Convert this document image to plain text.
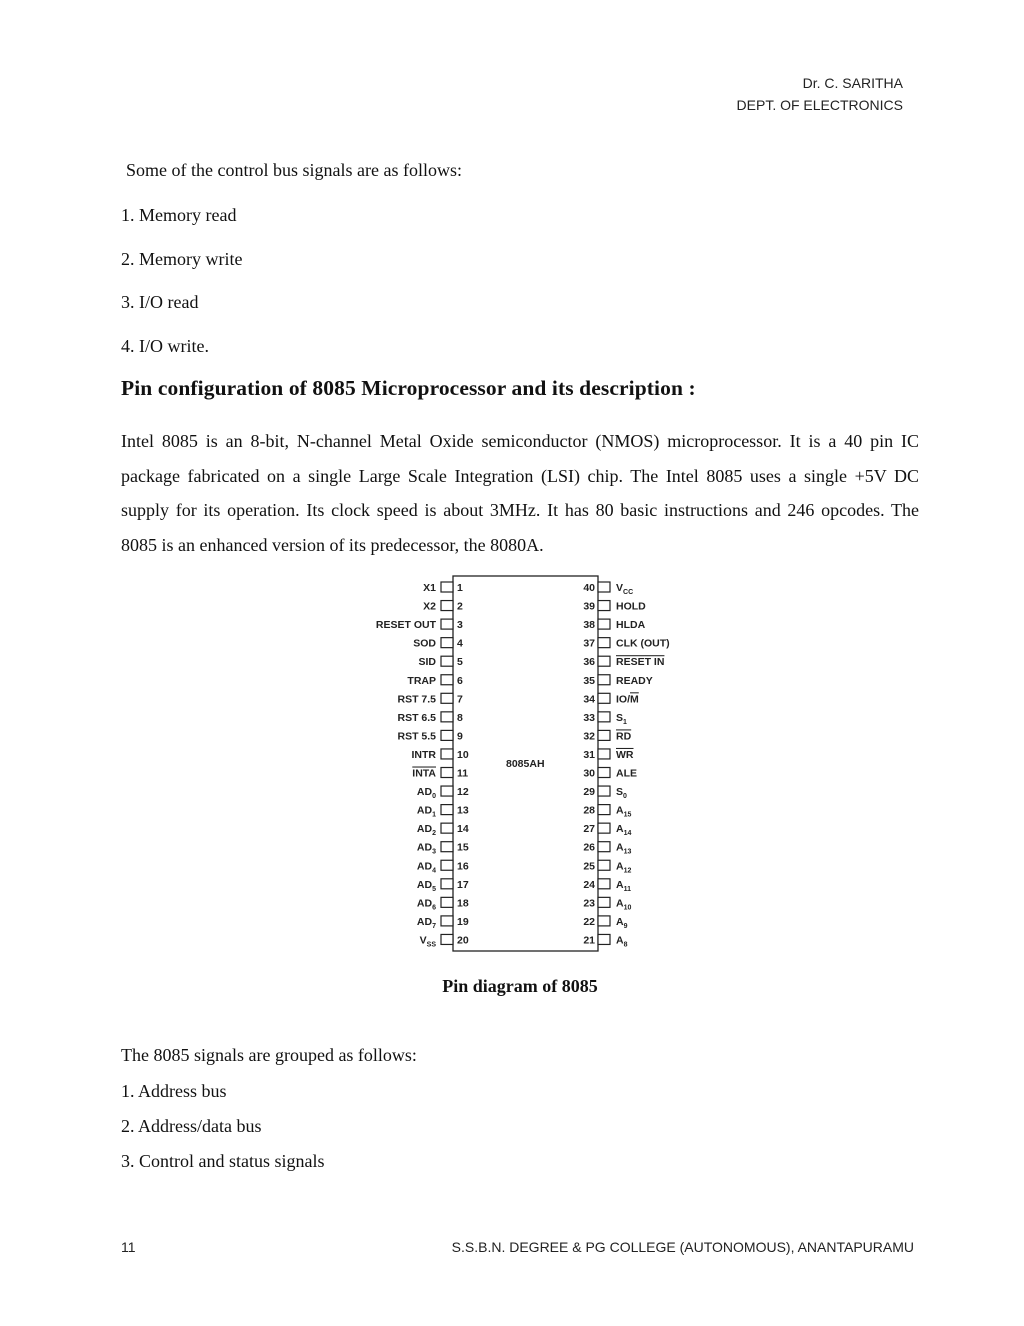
Dr. C. SARITHA
DEPT. OF ELECTRONICS
Some of the control bus signals are as follows:
1. Memory read
2. Memory write
3. I/O read
4. I/O write.
Pin configuration of 8085 Microprocessor and its description :
Intel 8085 is an 8-bit, N-channel Metal Oxide semiconductor (NMOS) microprocessor. It is a 40 pin IC package fabricated on a single Large Scale Integration (LSI) chip. The Intel 8085 uses a single +5V DC supply for its operation. Its clock speed is about 3MHz. It has 80 basic instructions and 246 opcodes. The 8085 is an enhanced version of its predecessor, the 8080A.
8085AH
1
X1
2
X2
3
RESET OUT
4
SOD
5
SID
6
TRAP
7
RST 7.5
8
RST 6.5
9
RST 5.5
10
INTR
11
INTA
12
$AD_0$
13
$AD_1$
14
$AD_2$
15
$AD_3$
16
$AD_4$
17
$AD_5$
18
$AD_6$
19
$AD_7$
20
$V_{SS}$
40 $V_{CC}$
39 HOLD
38 HLDA
37 CLK (OUT)
36 RESET IN
35 READY
34 IO/M
33 $S_1$
32 RD
31 WR
30 ALE
29 $S_0$
28 $A_{15}$
27 $A_{14}$
26 $A_{13}$
25 $A_{12}$
24 $A_{11}$
23 $A_{10}$
22 $A_9$
21 $A_8$
Pin diagram of 8085
The 8085 signals are grouped as follows:
1. Address bus
2. Address/data bus
3. Control and status signals
11	S.S.B.N. DEGREE & PG COLLEGE (AUTONOMOUS), ANANTAPURAMU
